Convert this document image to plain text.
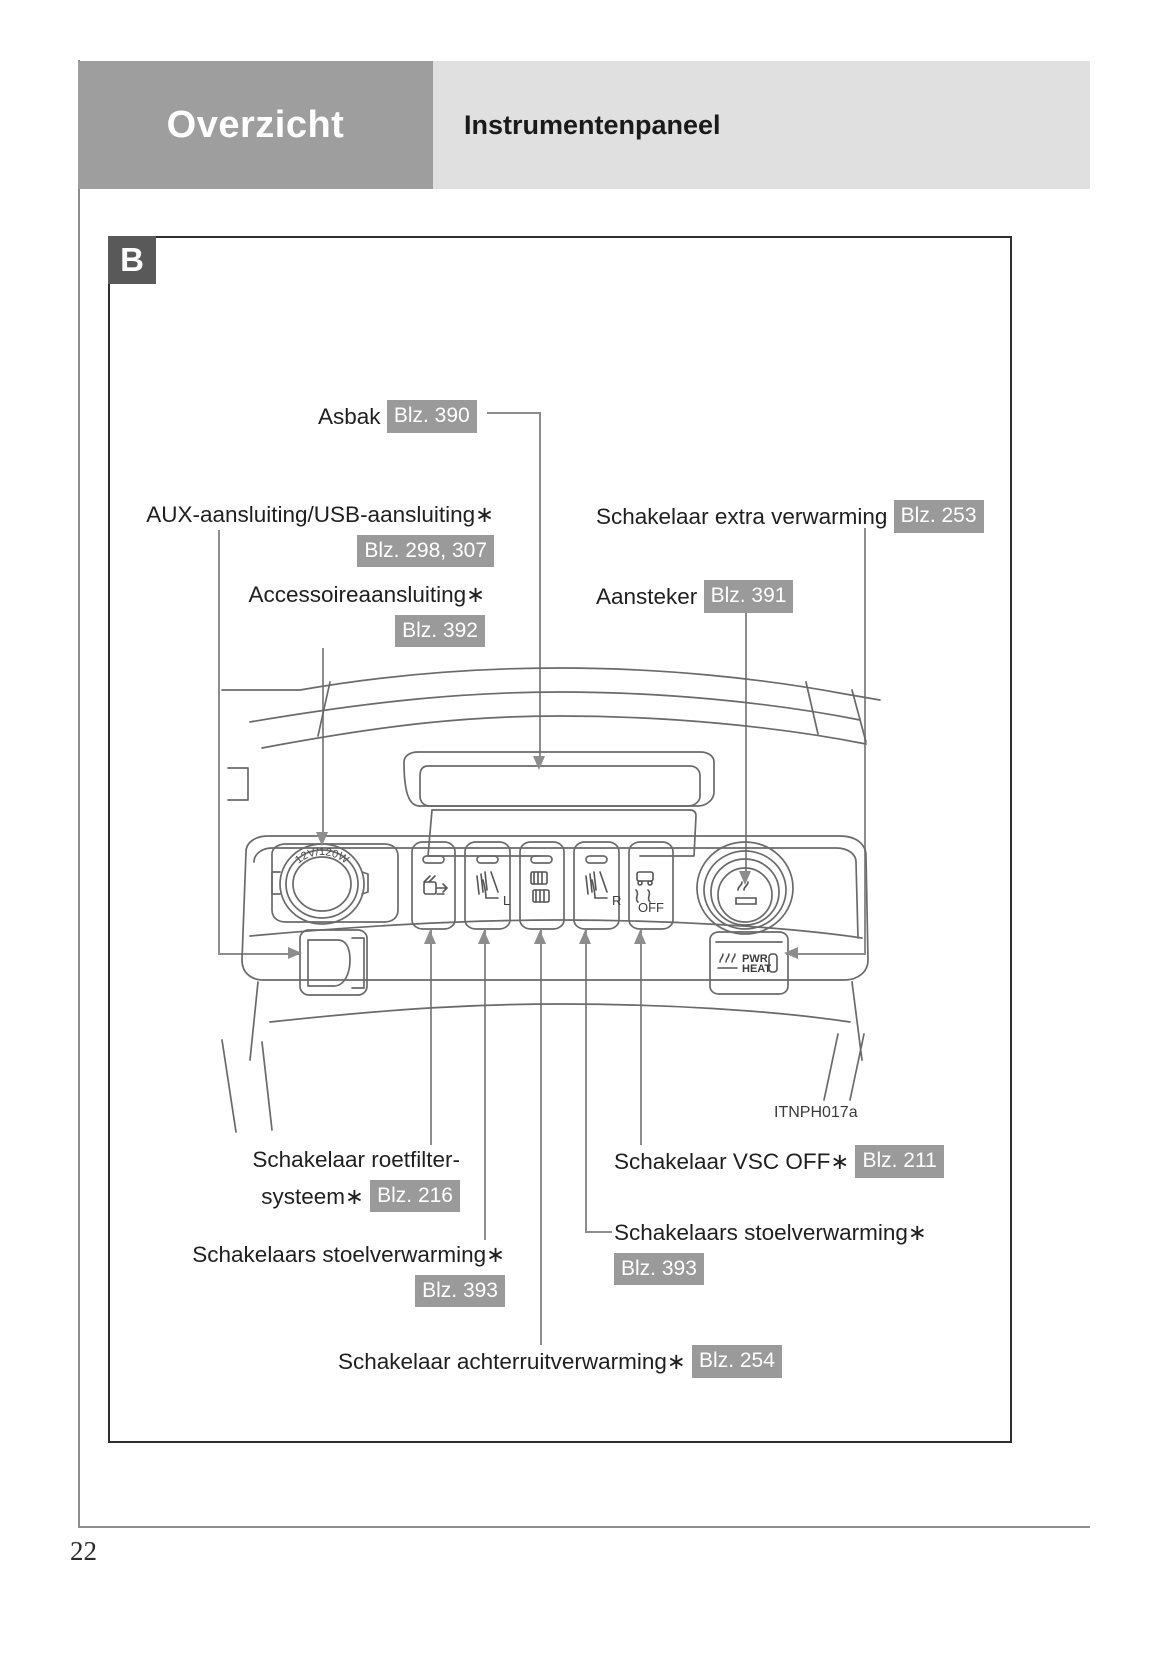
22
Overzicht	Instrumentenpaneel
B
Asbak Blz. 390
AUX-aansluiting/USB-aansluiting∗
Blz. 298, 307
Accessoireaansluiting∗
Blz. 392
Schakelaar extra verwarming Blz. 253
Aansteker Blz. 391
Schakelaar roetfilter-
systeem∗ Blz. 216
Schakelaars stoelverwarming∗
Blz. 393
Schakelaar VSC OFF∗ Blz. 211
Schakelaars stoelverwarming∗
Blz. 393
Schakelaar achterruitverwarming∗ Blz. 254
ITNPH017a
12V/120W
L	R OFF
PWR
HEAT
